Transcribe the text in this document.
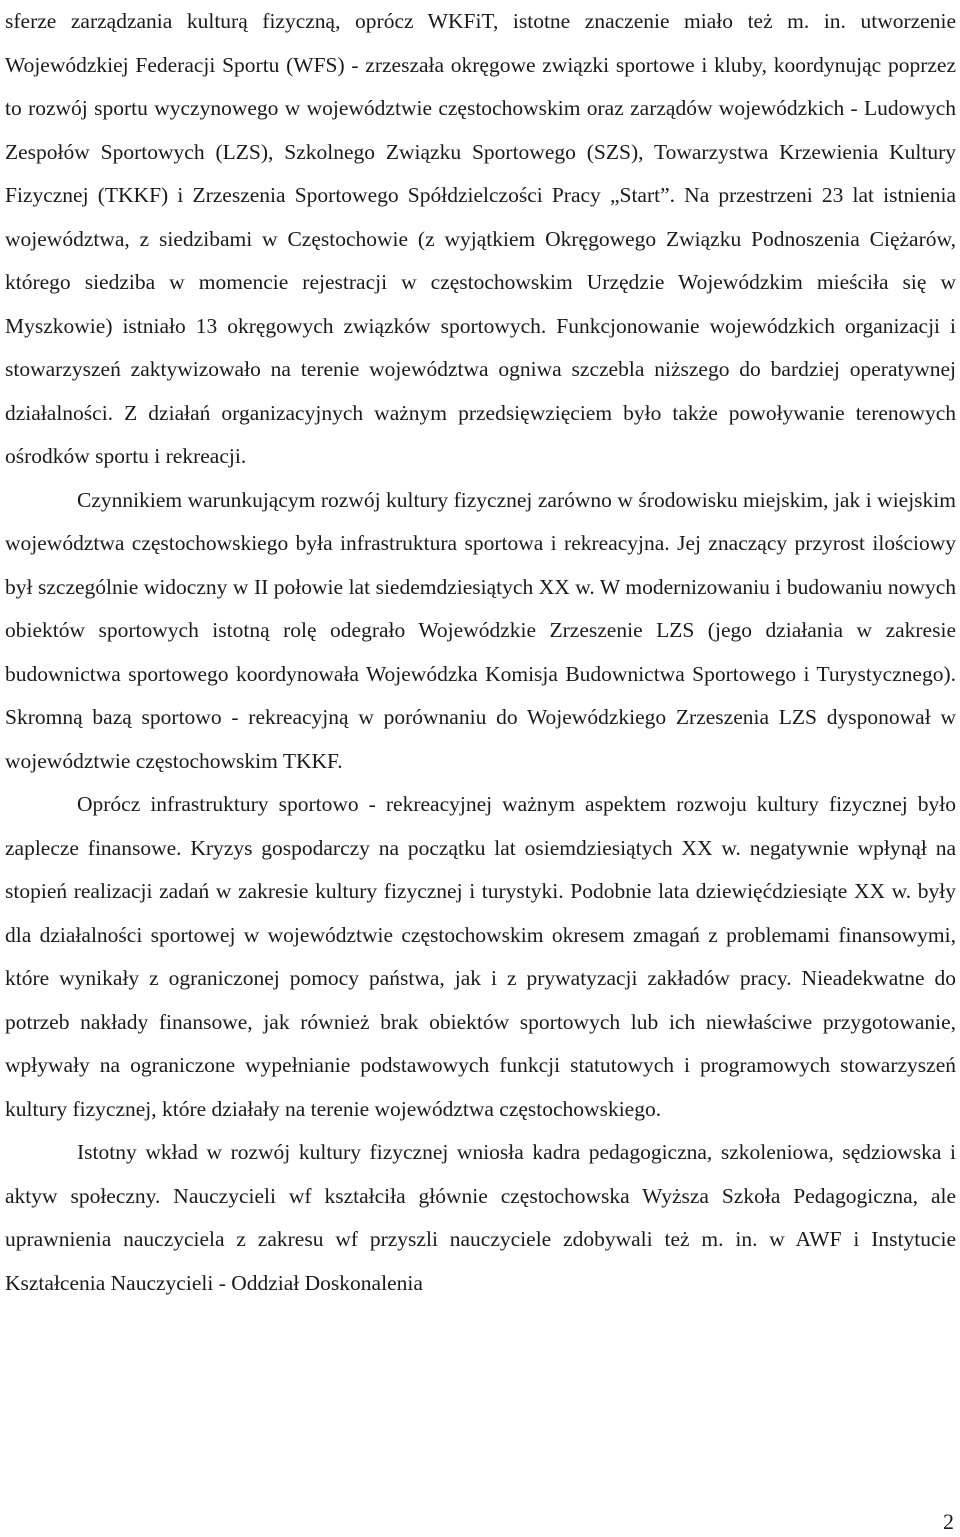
sferze zarządzania kulturą fizyczną, oprócz WKFiT, istotne znaczenie miało też m. in. utworzenie Wojewódzkiej Federacji Sportu (WFS) - zrzeszała okręgowe związki sportowe i kluby, koordynując poprzez to rozwój sportu wyczynowego w województwie częstochowskim oraz zarządów wojewódzkich - Ludowych Zespołów Sportowych (LZS), Szkolnego Związku Sportowego (SZS), Towarzystwa Krzewienia Kultury Fizycznej (TKKF) i Zrzeszenia Sportowego Spółdzielczości Pracy „Start”. Na przestrzeni 23 lat istnienia województwa, z siedzibami w Częstochowie (z wyjątkiem Okręgowego Związku Podnoszenia Ciężarów, którego siedziba w momencie rejestracji w częstochowskim Urzędzie Wojewódzkim mieściła się w Myszkowie) istniało 13 okręgowych związków sportowych. Funkcjonowanie wojewódzkich organizacji i stowarzyszeń zaktywizowało na terenie województwa ogniwa szczebla niższego do bardziej operatywnej działalności. Z działań organizacyjnych ważnym przedsięwzięciem było także powoływanie terenowych ośrodków sportu i rekreacji.

Czynnikiem warunkującym rozwój kultury fizycznej zarówno w środowisku miejskim, jak i wiejskim województwa częstochowskiego była infrastruktura sportowa i rekreacyjna. Jej znaczący przyrost ilościowy był szczególnie widoczny w II połowie lat siedemdziesiątych XX w. W modernizowaniu i budowaniu nowych obiektów sportowych istotną rolę odegrało Wojewódzkie Zrzeszenie LZS (jego działania w zakresie budownictwa sportowego koordynowała Wojewódzka Komisja Budownictwa Sportowego i Turystycznego). Skromną bazą sportowo - rekreacyjną w porównaniu do Wojewódzkiego Zrzeszenia LZS dysponował w województwie częstochowskim TKKF.

Oprócz infrastruktury sportowo - rekreacyjnej ważnym aspektem rozwoju kultury fizycznej było zaplecze finansowe. Kryzys gospodarczy na początku lat osiemdziesiątych XX w. negatywnie wpłynął na stopień realizacji zadań w zakresie kultury fizycznej i turystyki. Podobnie lata dziewięćdziesiąte XX w. były dla działalności sportowej w województwie częstochowskim okresem zmagań z problemami finansowymi, które wynikały z ograniczonej pomocy państwa, jak i z prywatyzacji zakładów pracy. Nieadekwatne do potrzeb nakłady finansowe, jak również brak obiektów sportowych lub ich niewłaściwe przygotowanie, wpływały na ograniczone wypełnianie podstawowych funkcji statutowych i programowych stowarzyszeń kultury fizycznej, które działały na terenie województwa częstochowskiego.

Istotny wkład w rozwój kultury fizycznej wniosła kadra pedagogiczna, szkoleniowa, sędziowska i aktyw społeczny. Nauczycieli wf kształciła głównie częstochowska Wyższa Szkoła Pedagogiczna, ale uprawnienia nauczyciela z zakresu wf przyszli nauczyciele zdobywali też m. in. w AWF i Instytucie Kształcenia Nauczycieli - Oddział Doskonalenia

2
